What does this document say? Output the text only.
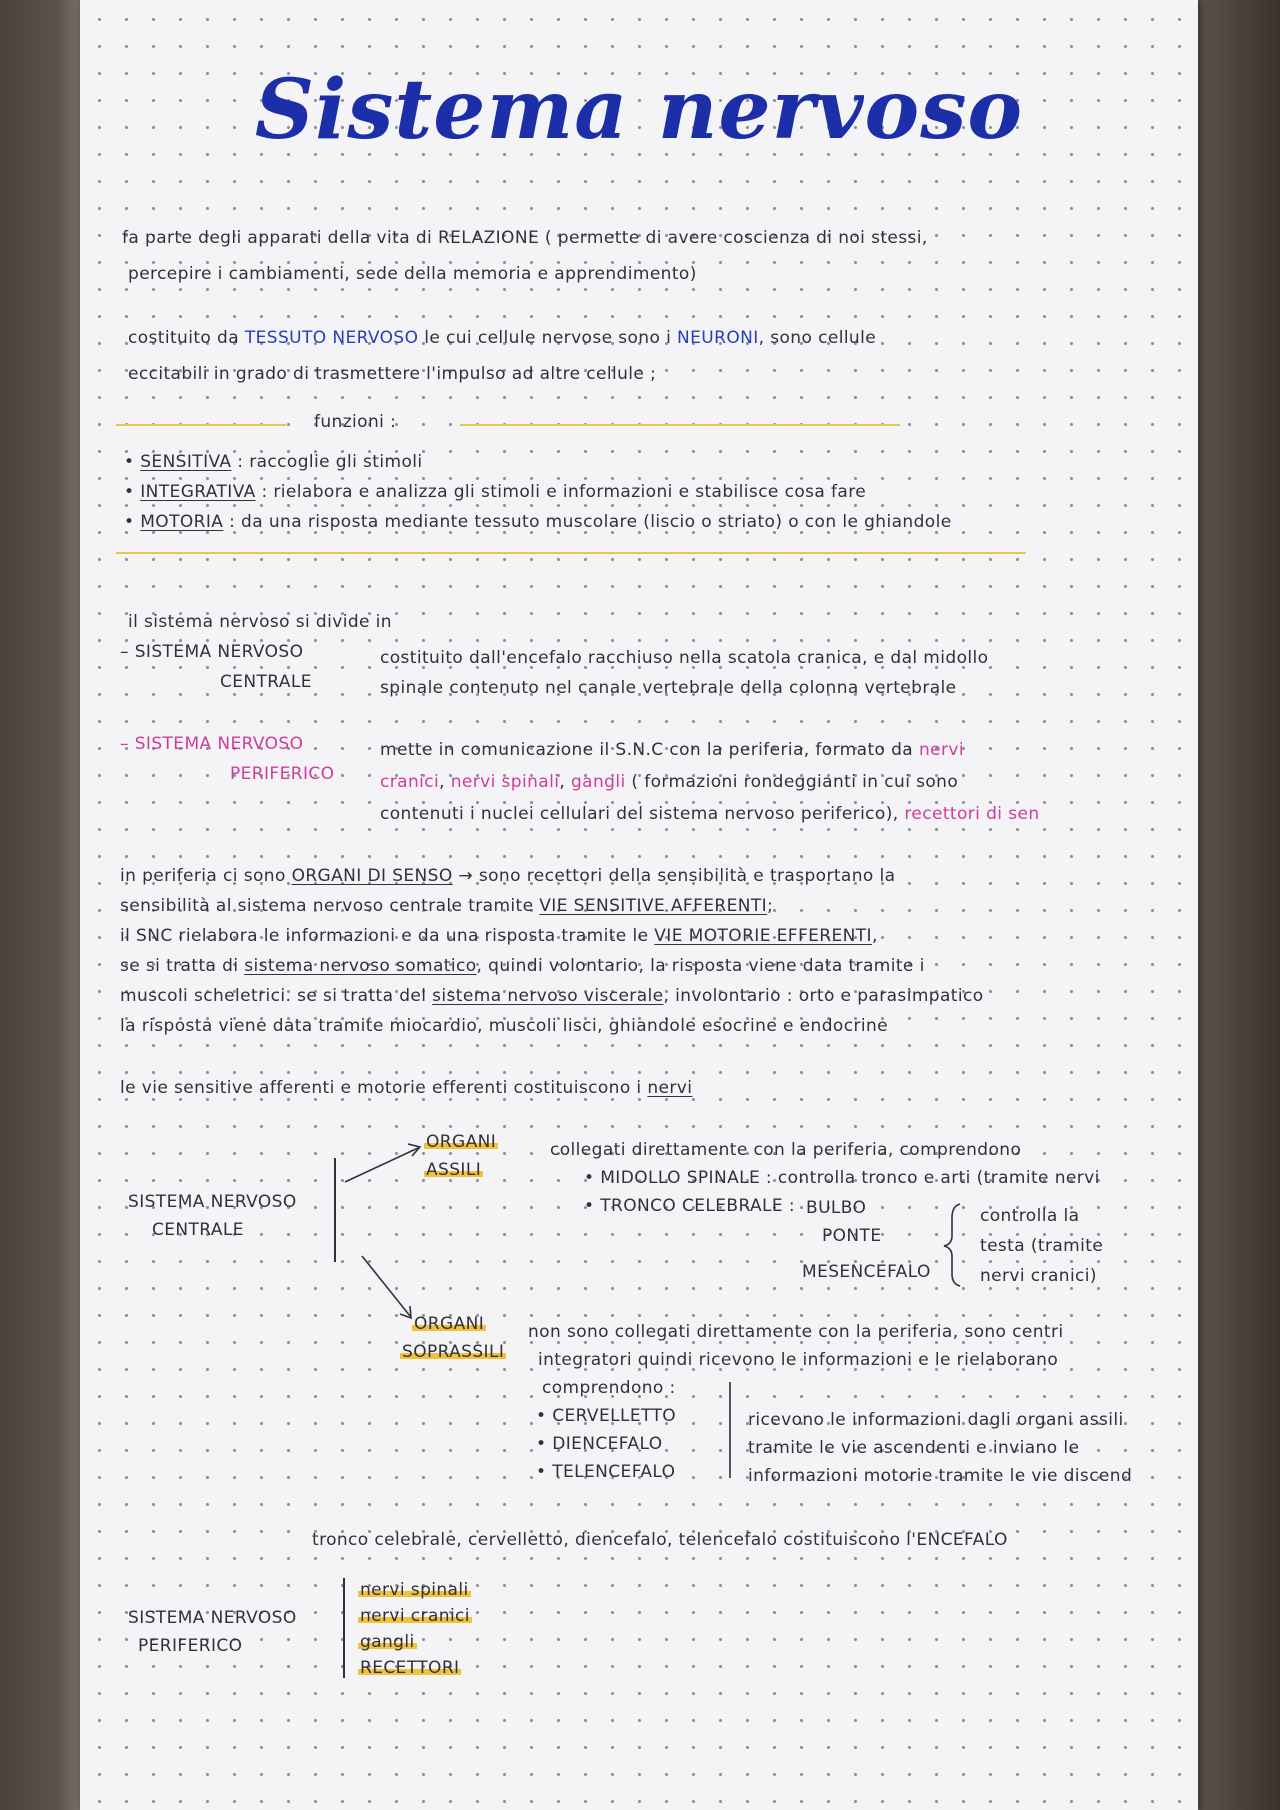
Sistema nervoso
fa parte degli apparati della vita di RELAZIONE ( permette di avere coscienza di noi stessi,
percepire i cambiamenti, sede della memoria e apprendimento)
costituito da TESSUTO NERVOSO le cui cellule nervose sono i NEURONI, sono cellule
eccitabili in grado di trasmettere l'impulso ad altre cellule ;
funzioni :
• SENSITIVA : raccoglie gli stimoli
• INTEGRATIVA : rielabora e analizza gli stimoli e informazioni e stabilisce cosa fare
• MOTORIA : da una risposta mediante tessuto muscolare (liscio o striato) o con le ghiandole
il sistema nervoso si divide in
– SISTEMA NERVOSO
CENTRALE
costituito dall'encefalo racchiuso nella scatola cranica, e dal midollo
spinale contenuto nel canale vertebrale della colonna vertebrale
– SISTEMA NERVOSO
PERIFERICO
mette in comunicazione il S.N.C con la periferia, formato da nervi
cranici, nervi spinali, gangli ( formazioni rondeggianti in cui sono
contenuti i nuclei cellulari del sistema nervoso periferico), recettori di sen
in periferia ci sono ORGANI DI SENSO → sono recettori della sensibilità e trasportano la
sensibilità al sistema nervoso centrale tramite VIE SENSITIVE AFFERENTI;
il SNC rielabora le informazioni e da una risposta tramite le VIE MOTORIE EFFERENTI,
se si tratta di sistema nervoso somatico, quindi volontario, la risposta viene data tramite i
muscoli scheletrici. se si tratta del sistema nervoso viscerale, involontario : orto e parasimpatico
la risposta viene data tramite miocardio, muscoli lisci, ghiandole esocrine e endocrine
le vie sensitive afferenti e motorie efferenti costituiscono i nervi
SISTEMA NERVOSO
CENTRALE
ORGANI
ASSILI
collegati direttamente con la periferia, comprendono
• MIDOLLO SPINALE : controlla tronco e arti (tramite nervi
• TRONCO CELEBRALE : BULBO
PONTE
MESENCEFALO
controlla la
testa (tramite
nervi cranici)
ORGANI
SOPRASSILI
non sono collegati direttamente con la periferia, sono centri
integratori quindi ricevono le informazioni e le rielaborano
comprendono :
• CERVELLETTO
• DIENCEFALO
• TELENCEFALO
ricevono le informazioni dagli organi assili
tramite le vie ascendenti e inviano le
informazioni motorie tramite le vie discend
tronco celebrale, cervelletto, diencefalo, telencefalo costituiscono l'ENCEFALO
SISTEMA NERVOSO
PERIFERICO
nervi spinali
nervi cranici
gangli
RECETTORI
